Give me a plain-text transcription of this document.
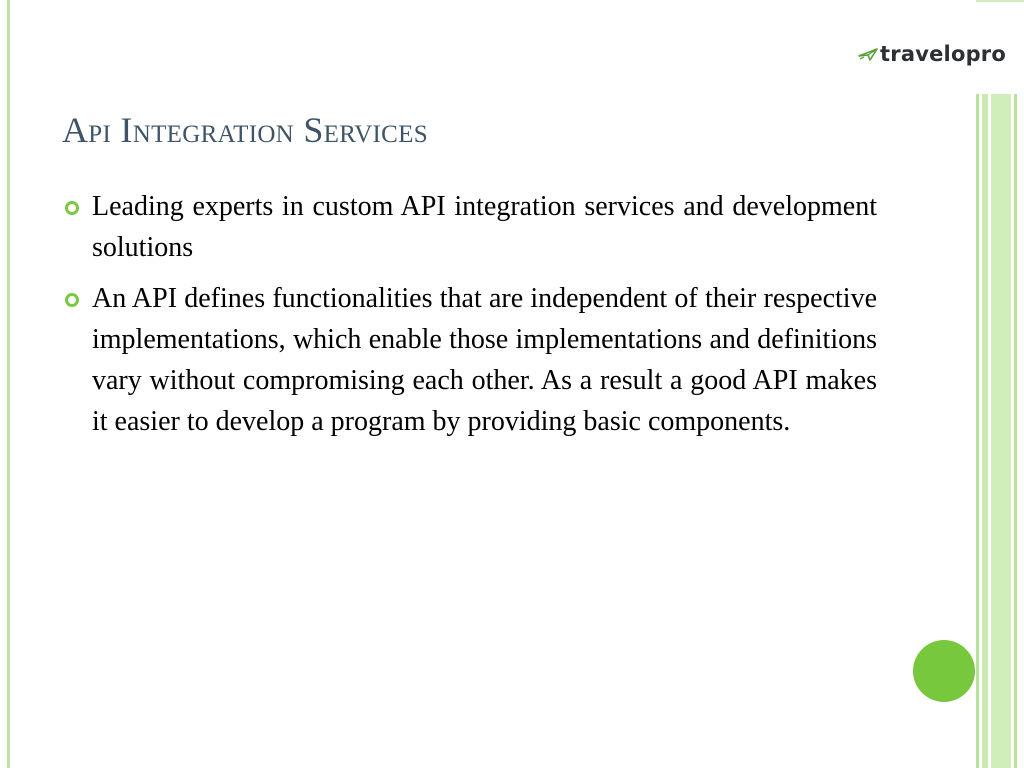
travelopro
Api Integration Services
Leading experts in custom API integration services and development solutions
An API defines functionalities that are independent of their respective implementations, which enable those implementations and definitions vary without compromising each other. As a result a good API makes it easier to develop a program by providing basic components.
